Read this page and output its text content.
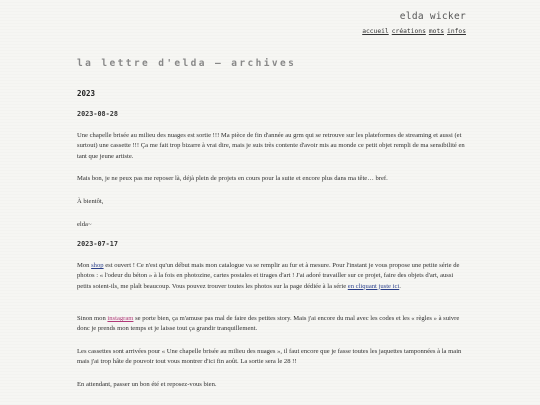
elda wicker
accueil créations mots infos
la lettre d'elda — archives
2023
2023-08-28

Une chapelle brisée au milieu des nuages est sortie !!! Ma pièce de fin d'année au grm qui se retrouve sur les plateformes de streaming et aussi (et surtout) une cassette !!! Ça me fait trop bizarre à vrai dire, mais je suis très contente d'avoir mis au monde ce petit objet rempli de ma sensibilité en tant que jeune artiste.

Mais bon, je ne peux pas me reposer là, déjà plein de projets en cours pour la suite et encore plus dans ma tête… bref.

À bientôt,

elda~

2023-07-17

Mon shop est ouvert ! Ce n'est qu'un début mais mon catalogue va se remplir au fur et à mesure. Pour l'instant je vous propose une petite série de photos : « l'odeur du béton » à la fois en photozine, cartes postales et tirages d'art ! J'ai adoré travailler sur ce projet, faire des objets d'art, aussi petits soient-ils, me plaît beaucoup. Vous pouvez trouver toutes les photos sur la page dédiée à la série en cliquant juste ici.

Sinon mon instagram se porte bien, ça m'amuse pas mal de faire des petites story. Mais j'ai encore du mal avec les codes et les « règles » à suivre donc je prends mon temps et je laisse tout ça grandir tranquillement.

Les cassettes sont arrivées pour « Une chapelle brisée au milieu des nuages », il faut encore que je fasse toutes les jaquettes tamponnées à la main mais j'ai trop hâte de pouvoir tout vous montrer d'ici fin août. La sortie sera le 28 !!

En attendant, passer un bon été et reposez-vous bien.
